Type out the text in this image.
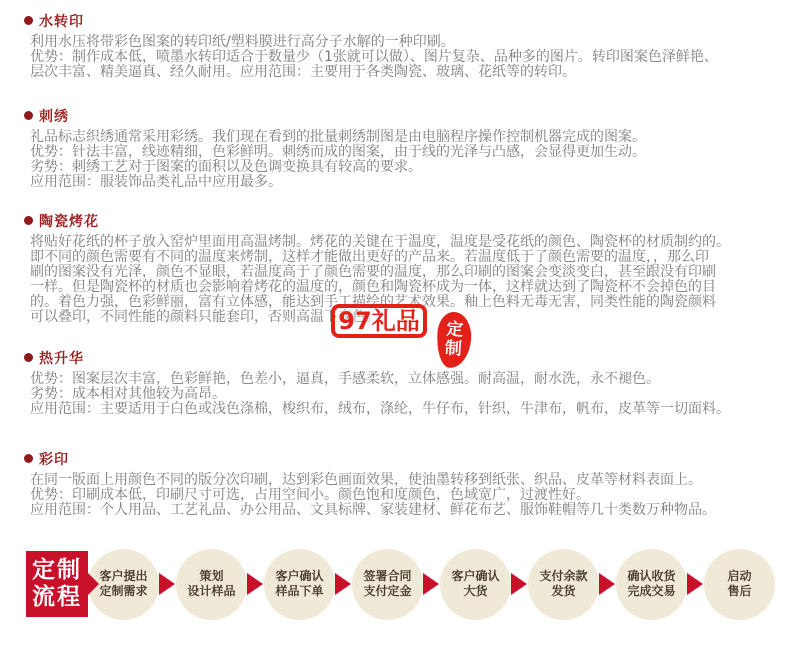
水转印
利用水压将带彩色图案的转印纸/塑料膜进行高分子水解的一种印刷。
优势：制作成本低，喷墨水转印适合于数量少（1张就可以做）、图片复杂、品种多的图片。转印图案色泽鲜艳、
层次丰富、精美逼真、经久耐用。应用范围：主要用于各类陶瓷、玻璃、花纸等的转印。
刺绣
礼品标志织绣通常采用彩绣。我们现在看到的批量刺绣制图是由电脑程序操作控制机器完成的图案。
优势：针法丰富，线迹精细，色彩鲜明。刺绣而成的图案，由于线的光泽与凸感，会显得更加生动。
劣势：刺绣工艺对于图案的面积以及色调变换具有较高的要求。
应用范围：服装饰品类礼品中应用最多。
陶瓷烤花
将贴好花纸的杯子放入窑炉里面用高温烤制。烤花的关键在于温度，温度是受花纸的颜色、陶瓷杯的材质制约的。
即不同的颜色需要有不同的温度来烤制，这样才能做出更好的产品来。若温度低于了颜色需要的温度，，那么印
刷的图案没有光泽，颜色不显眼，若温度高于了颜色需要的温度，那么印刷的图案会变淡变白，甚至跟没有印刷
一样。但是陶瓷杯的材质也会影响着烤花的温度的，颜色和陶瓷杯成为一体，这样就达到了陶瓷杯不会掉色的目
的。着色力强，色彩鲜丽，富有立体感，能达到手工描绘的艺术效果。釉上色料无毒无害，同类性能的陶瓷颜料
可以叠印，不同性能的颜料只能套印，否则高温下变色。
热升华
优势：图案层次丰富，色彩鲜艳，色差小，逼真，手感柔软，立体感强。耐高温，耐水洗，永不褪色。
劣势：成本相对其他较为高昂。
应用范围：主要适用于白色或浅色涤棉，梭织布，绒布，涤纶，牛仔布，针织，牛津布，帆布，皮革等一切面料。
彩印
在同一版面上用颜色不同的版分次印刷，达到彩色画面效果，使油墨转移到纸张、织品、皮革等材料表面上。
优势：印刷成本低，印刷尺寸可选，占用空间小。颜色饱和度颜色，色域宽广，过渡性好。
应用范围：个人用品、工艺礼品、办公用品、文具标牌、家装建材、鲜花布艺、服饰鞋帽等几十类数万种物品。
97礼品	定
制
定制
流程
客户提出
定制需求
策划
设计样品
客户确认
样品下单
签署合同
支付定金
客户确认
大货
支付余款
发货
确认收货
完成交易
启动
售后
